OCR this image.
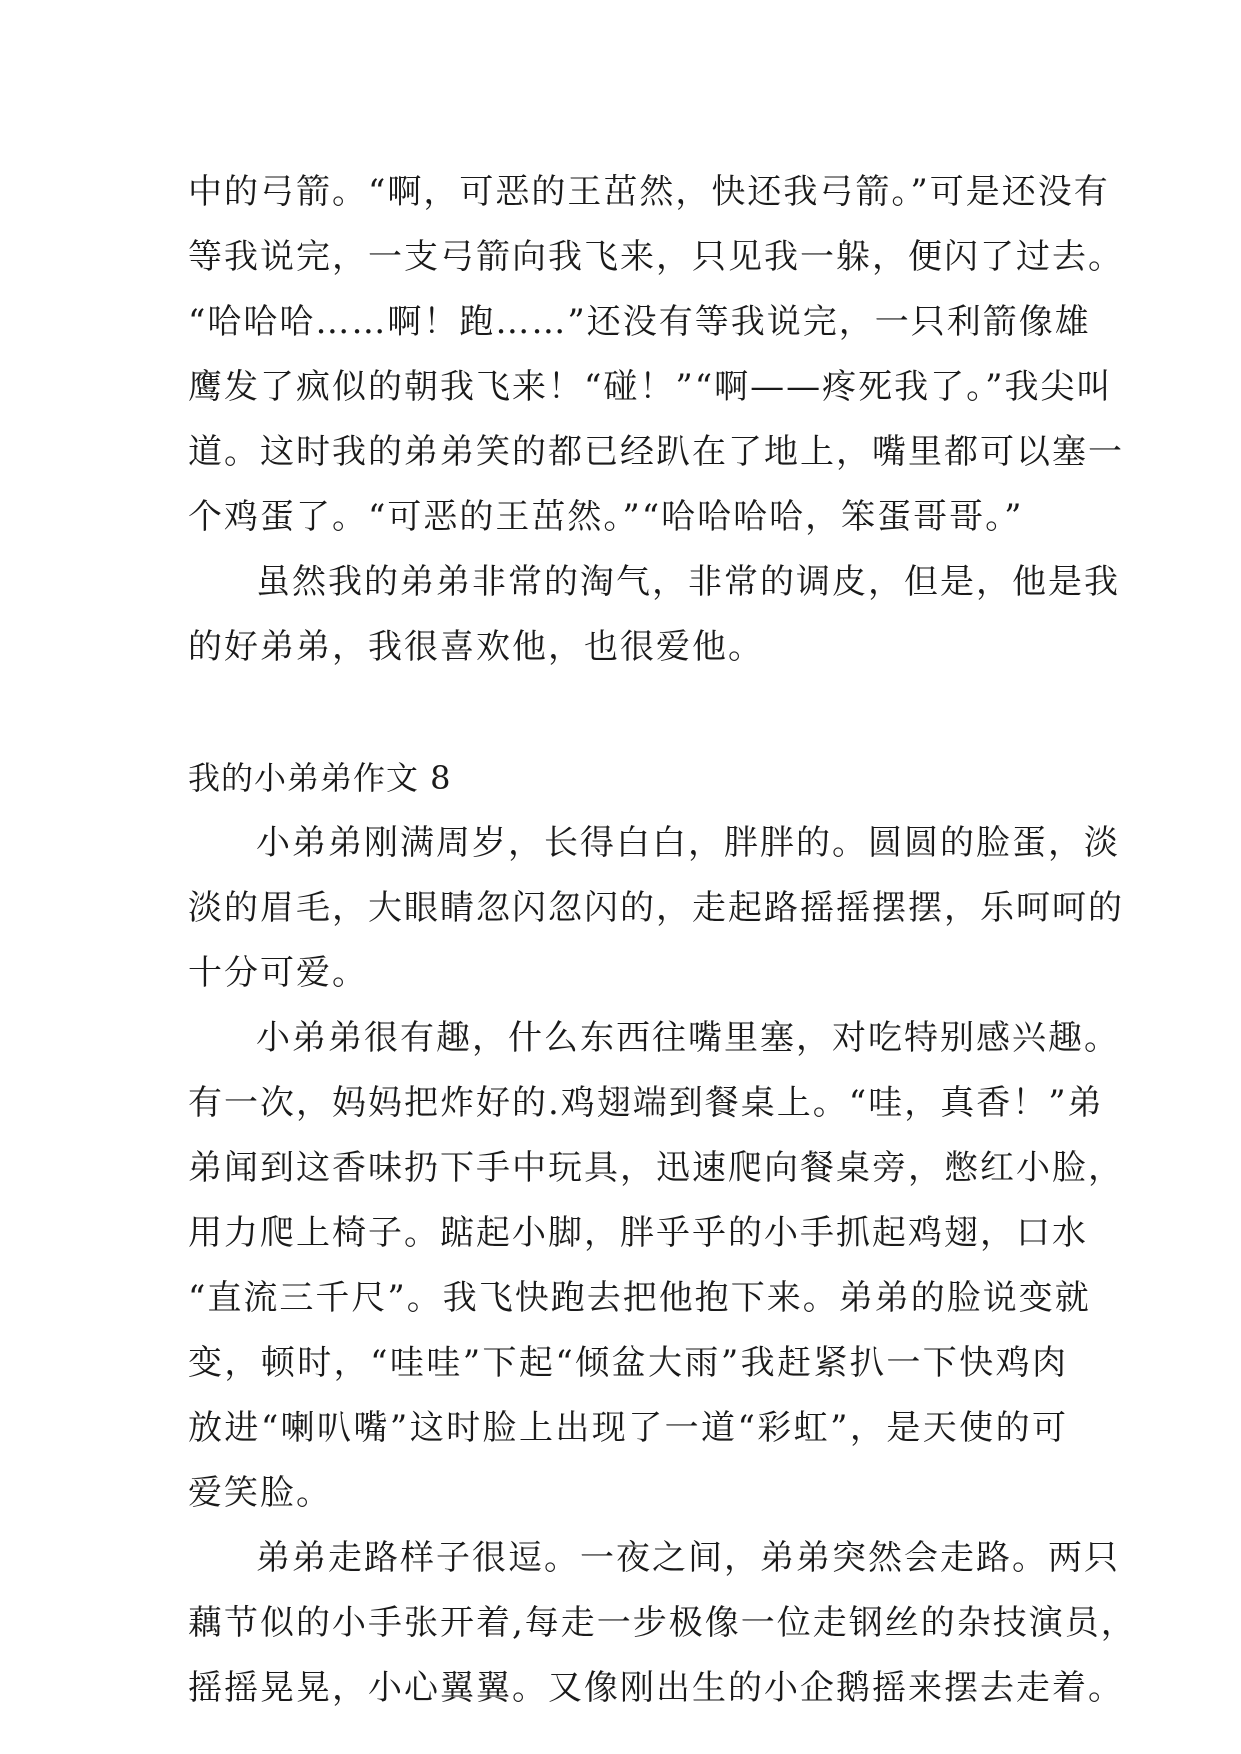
中的弓箭。“啊，可恶的王茁然，快还我弓箭。”可是还没有
等我说完，一支弓箭向我飞来，只见我一躲，便闪了过去。
“哈哈哈……啊！跑……”还没有等我说完，一只利箭像雄
鹰发了疯似的朝我飞来！“碰！”“啊——疼死我了。”我尖叫
道。这时我的弟弟笑的都已经趴在了地上，嘴里都可以塞一
个鸡蛋了。“可恶的王茁然。”“哈哈哈哈，笨蛋哥哥。”
虽然我的弟弟非常的淘气，非常的调皮，但是，他是我
的好弟弟，我很喜欢他，也很爱他。
我的小弟弟作文 8
小弟弟刚满周岁，长得白白，胖胖的。圆圆的脸蛋，淡
淡的眉毛，大眼睛忽闪忽闪的，走起路摇摇摆摆，乐呵呵的
十分可爱。
小弟弟很有趣，什么东西往嘴里塞，对吃特别感兴趣。
有一次，妈妈把炸好的.鸡翅端到餐桌上。“哇，真香！”弟
弟闻到这香味扔下手中玩具，迅速爬向餐桌旁，憋红小脸，
用力爬上椅子。踮起小脚，胖乎乎的小手抓起鸡翅，口水
“直流三千尺”。我飞快跑去把他抱下来。弟弟的脸说变就
变，顿时，“哇哇”下起“倾盆大雨”我赶紧扒一下快鸡肉
放进“喇叭嘴”这时脸上出现了一道“彩虹”，是天使的可
爱笑脸。
弟弟走路样子很逗。一夜之间，弟弟突然会走路。两只
藕节似的小手张开着,每走一步极像一位走钢丝的杂技演员，
摇摇晃晃，小心翼翼。又像刚出生的小企鹅摇来摆去走着。
